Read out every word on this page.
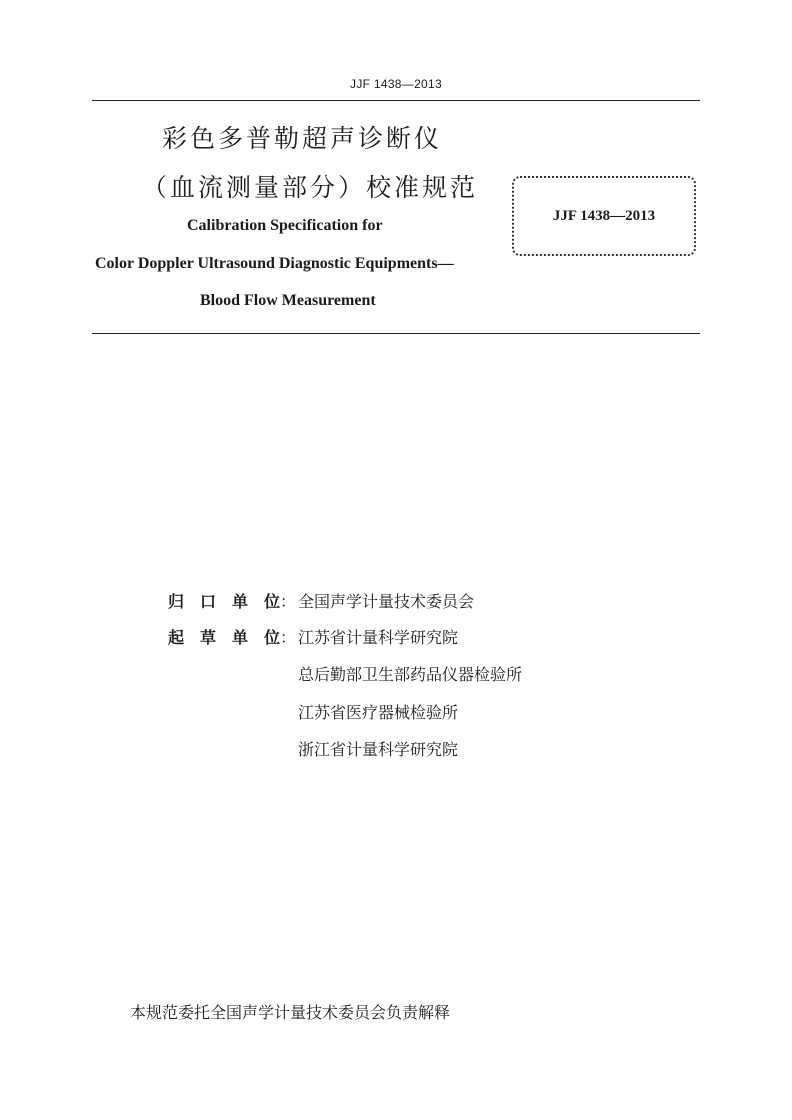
JJF 1438—2013
彩色多普勒超声诊断仪
（血流测量部分）校准规范
JJF 1438—2013
Calibration Specification for
Color Doppler Ultrasound Diagnostic Equipments—
Blood Flow Measurement
归 口 单 位： 全国声学计量技术委员会
起 草 单 位： 江苏省计量科学研究院
总后勤部卫生部药品仪器检验所
江苏省医疗器械检验所
浙江省计量科学研究院
本规范委托全国声学计量技术委员会负责解释
